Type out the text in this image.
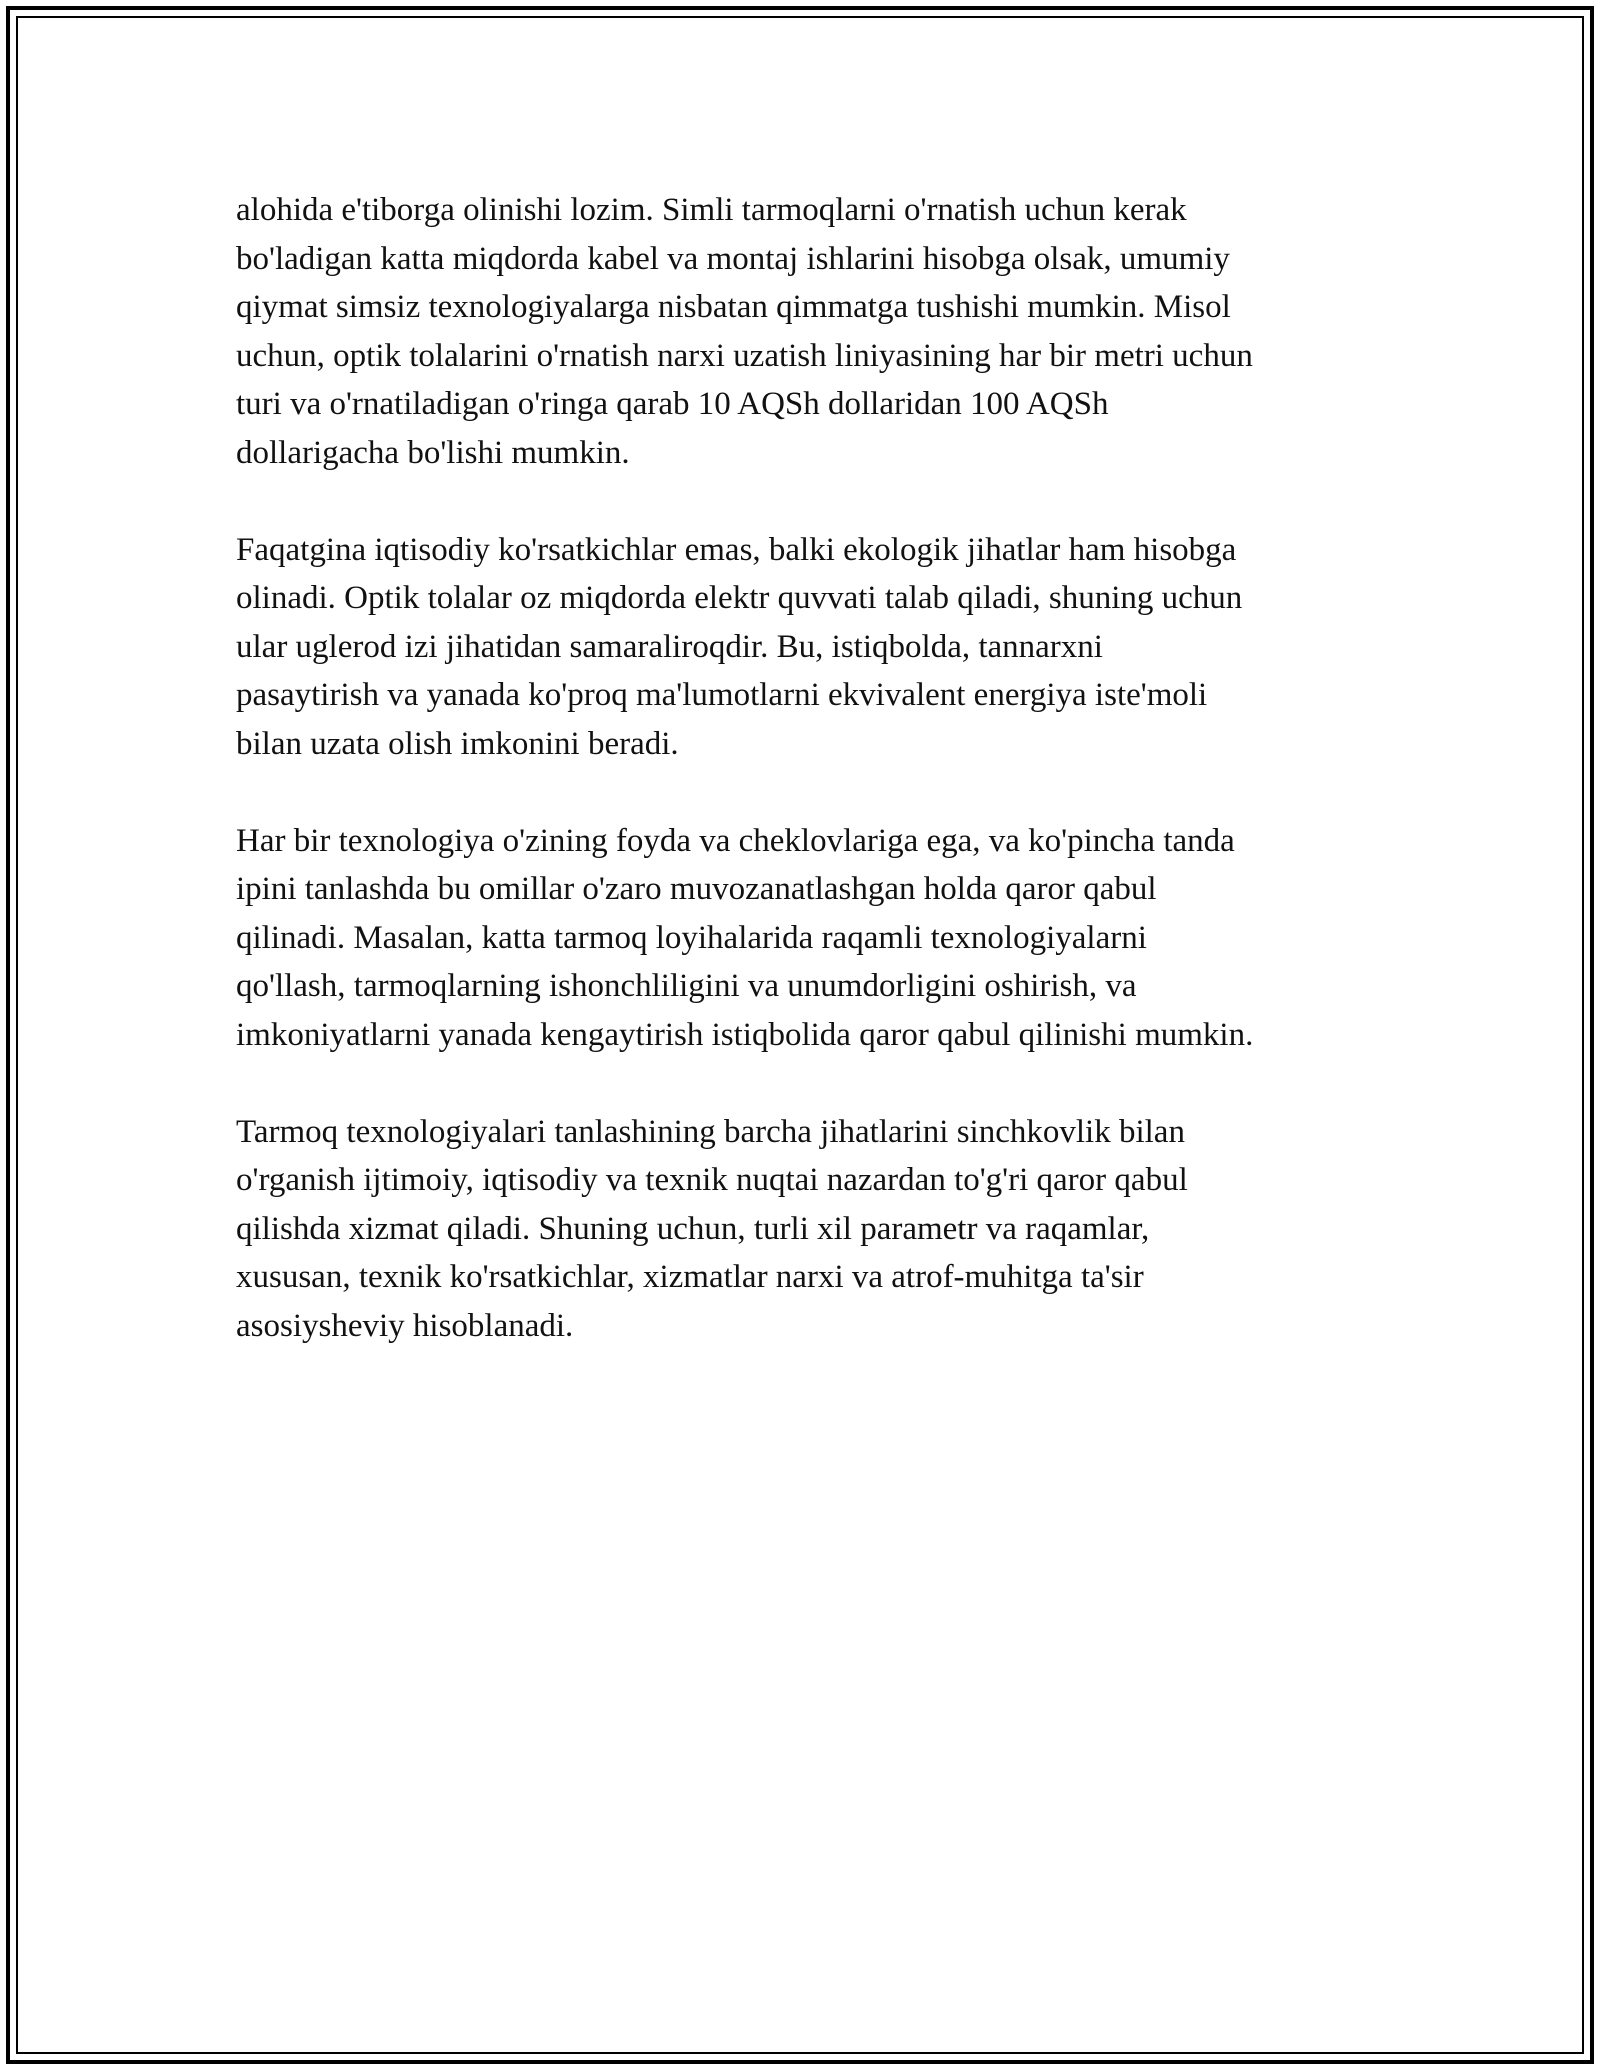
alohida e'tiborga olinishi lozim. Simli tarmoqlarni o'rnatish uchun kerak
bo'ladigan katta miqdorda kabel va montaj ishlarini hisobga olsak, umumiy
qiymat simsiz texnologiyalarga nisbatan qimmatga tushishi mumkin. Misol
uchun, optik tolalarini o'rnatish narxi uzatish liniyasining har bir metri uchun
turi va o'rnatiladigan o'ringa qarab 10 AQSh dollaridan 100 AQSh
dollarigacha bo'lishi mumkin.

Faqatgina iqtisodiy ko'rsatkichlar emas, balki ekologik jihatlar ham hisobga
olinadi. Optik tolalar oz miqdorda elektr quvvati talab qiladi, shuning uchun
ular uglerod izi jihatidan samaraliroqdir. Bu, istiqbolda, tannarxni
pasaytirish va yanada ko'proq ma'lumotlarni ekvivalent energiya iste'moli
bilan uzata olish imkonini beradi.

Har bir texnologiya o'zining foyda va cheklovlariga ega, va ko'pincha tanda
ipini tanlashda bu omillar o'zaro muvozanatlashgan holda qaror qabul
qilinadi. Masalan, katta tarmoq loyihalarida raqamli texnologiyalarni
qo'llash, tarmoqlarning ishonchliligini va unumdorligini oshirish, va
imkoniyatlarni yanada kengaytirish istiqbolida qaror qabul qilinishi mumkin.

Tarmoq texnologiyalari tanlashining barcha jihatlarini sinchkovlik bilan
o'rganish ijtimoiy, iqtisodiy va texnik nuqtai nazardan to'g'ri qaror qabul
qilishda xizmat qiladi. Shuning uchun, turli xil parametr va raqamlar,
xususan, texnik ko'rsatkichlar, xizmatlar narxi va atrof-muhitga ta'sir
asosiysheviy hisoblanadi.
